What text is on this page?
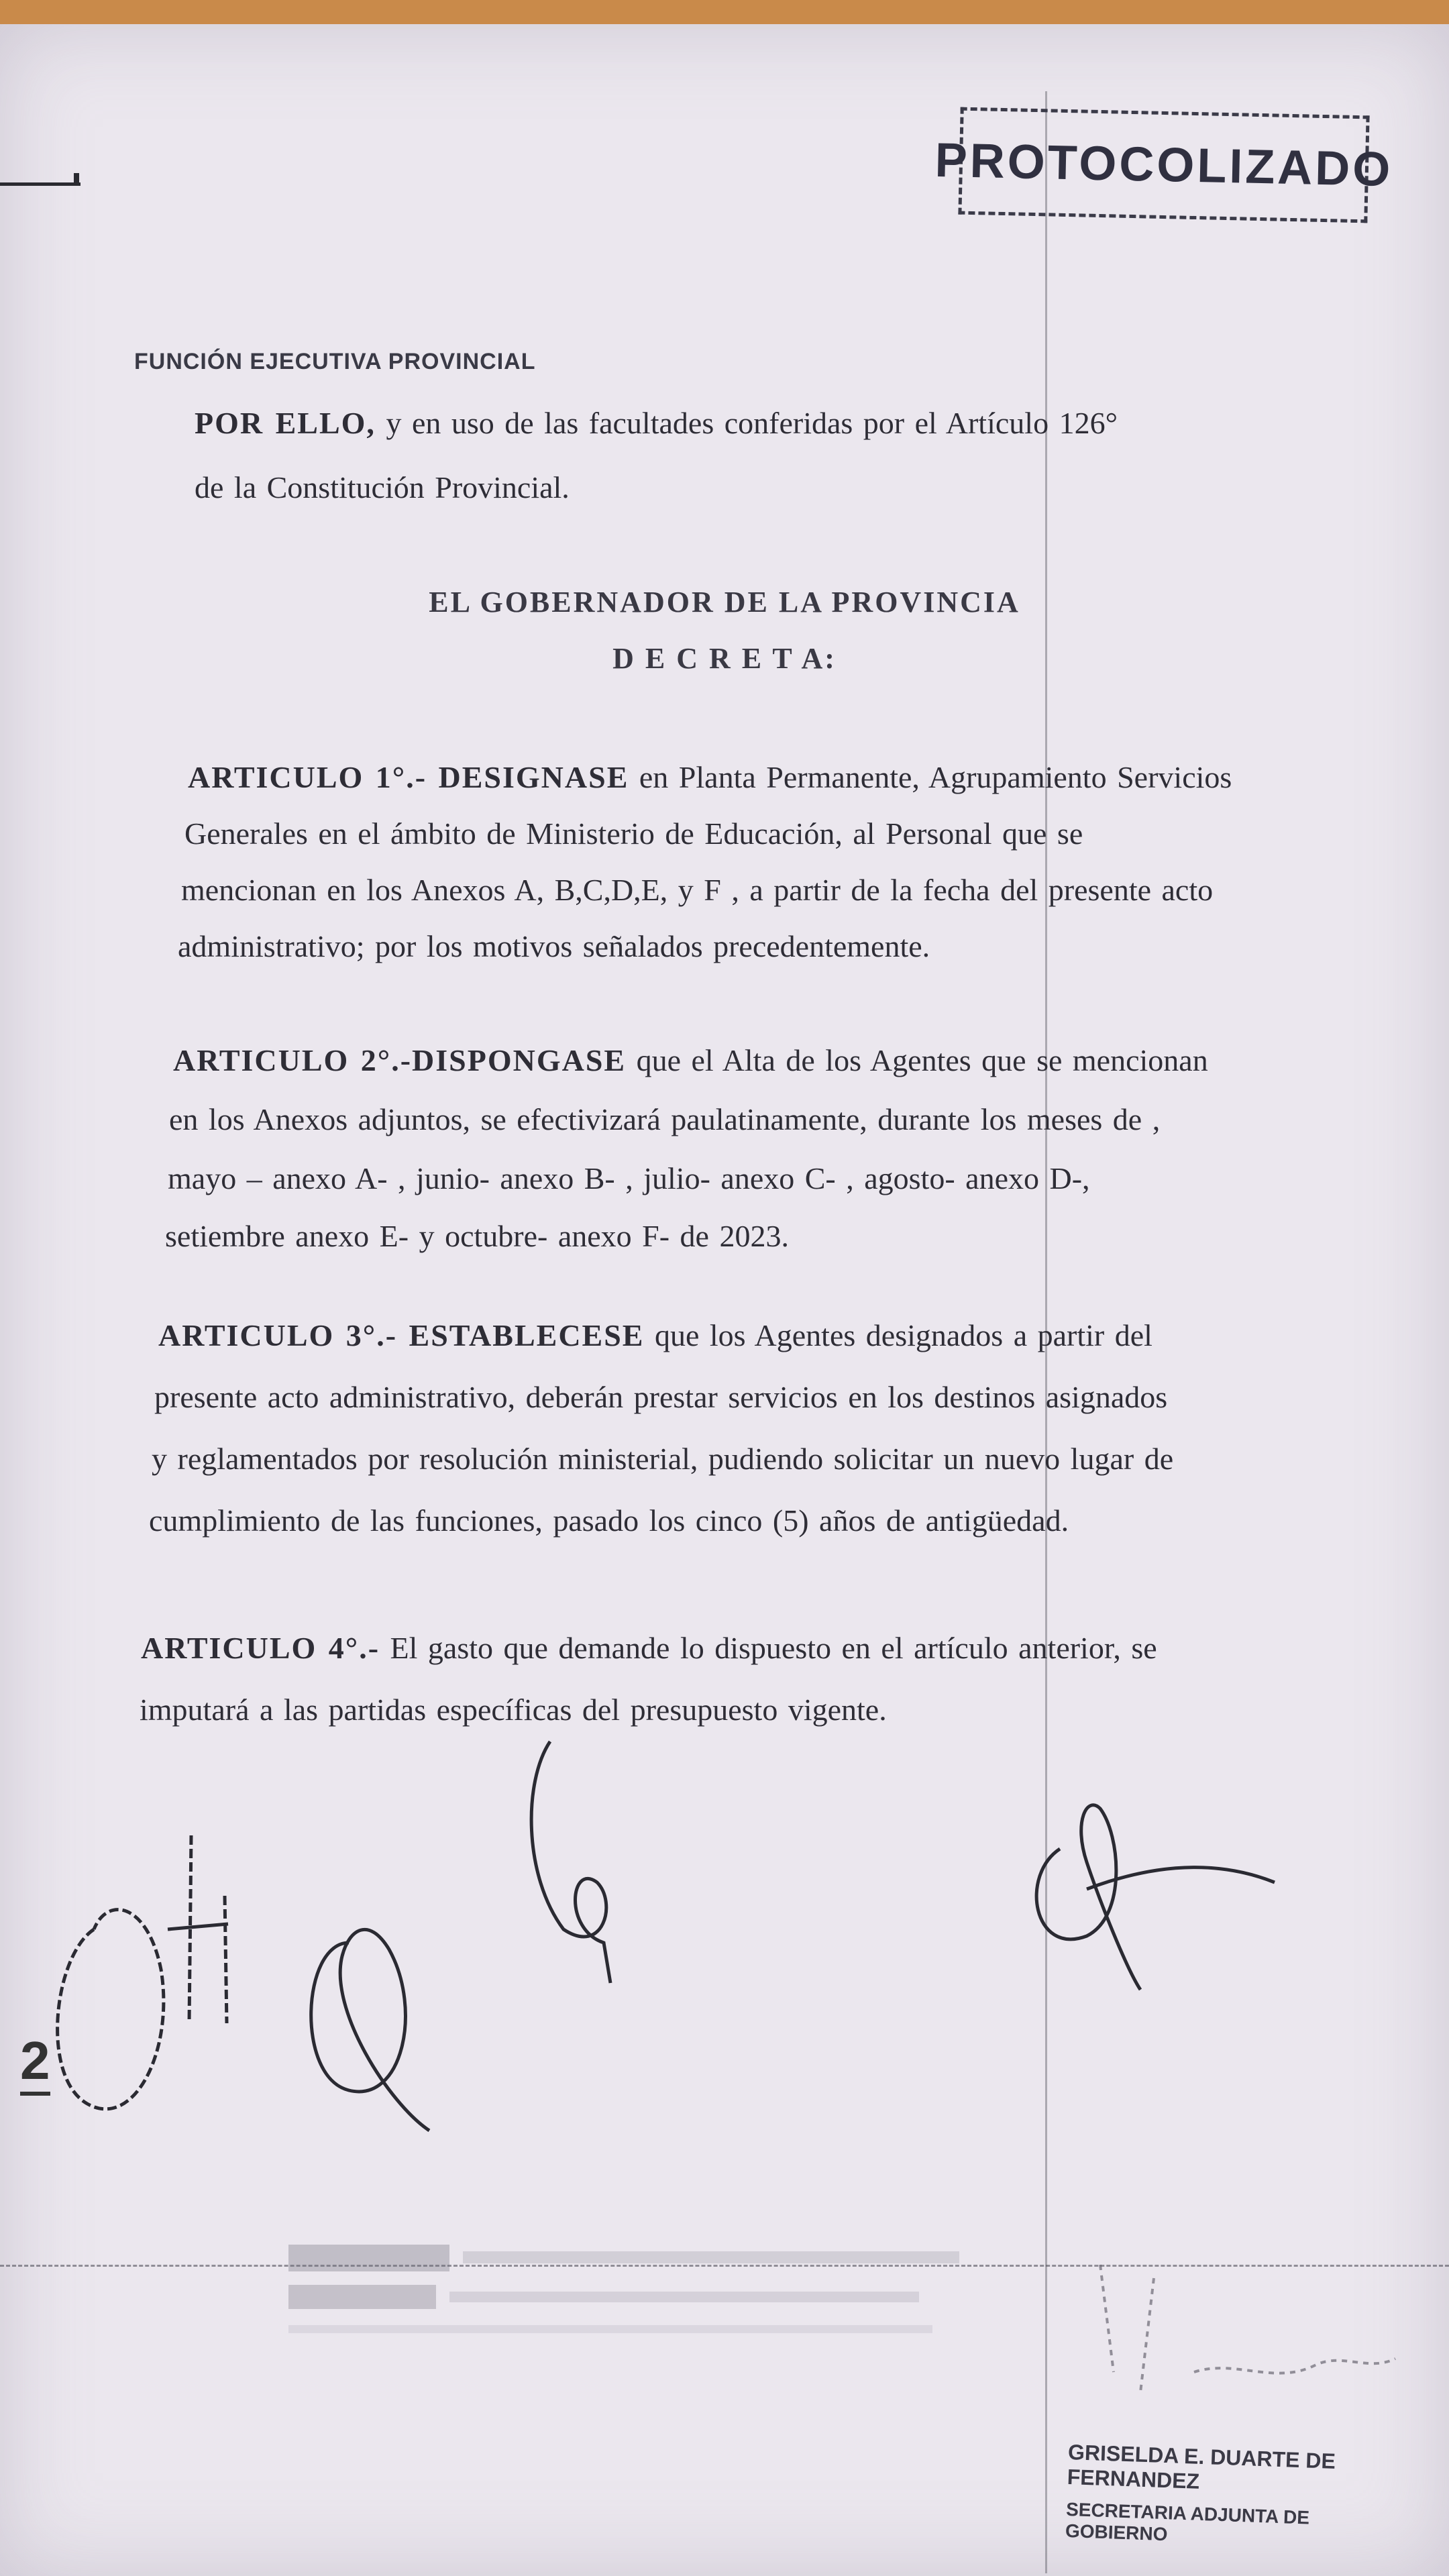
PROTOCOLIZADO
FUNCIÓN EJECUTIVA PROVINCIAL
POR ELLO, y en uso de las facultades conferidas por el Artículo 126°
de la Constitución Provincial.
EL GOBERNADOR DE LA PROVINCIA
D E C R E T A:
ARTICULO 1°.- DESIGNASE en Planta Permanente, Agrupamiento Servicios
Generales en el ámbito de Ministerio de Educación, al Personal que se
mencionan en los Anexos A, B,C,D,E, y F , a partir de la fecha del presente acto
administrativo; por los motivos señalados precedentemente.
ARTICULO 2°.-DISPONGASE que el Alta de los Agentes que se mencionan
en los Anexos adjuntos, se efectivizará paulatinamente, durante los meses de ,
mayo – anexo A- , junio- anexo B- , julio- anexo C- , agosto- anexo D-,
setiembre anexo E- y octubre- anexo F- de 2023.
ARTICULO 3°.- ESTABLECESE que los Agentes designados a partir del
presente acto administrativo, deberán prestar servicios en los destinos asignados
y reglamentados por resolución ministerial, pudiendo solicitar un nuevo lugar de
cumplimiento de las funciones, pasado los cinco (5) años de antigüedad.
ARTICULO 4°.- El gasto que demande lo dispuesto en el artículo anterior, se
imputará a las partidas específicas del presupuesto vigente.
2
GRISELDA E. DUARTE DE FERNANDEZ
SECRETARIA ADJUNTA DE GOBIERNO
